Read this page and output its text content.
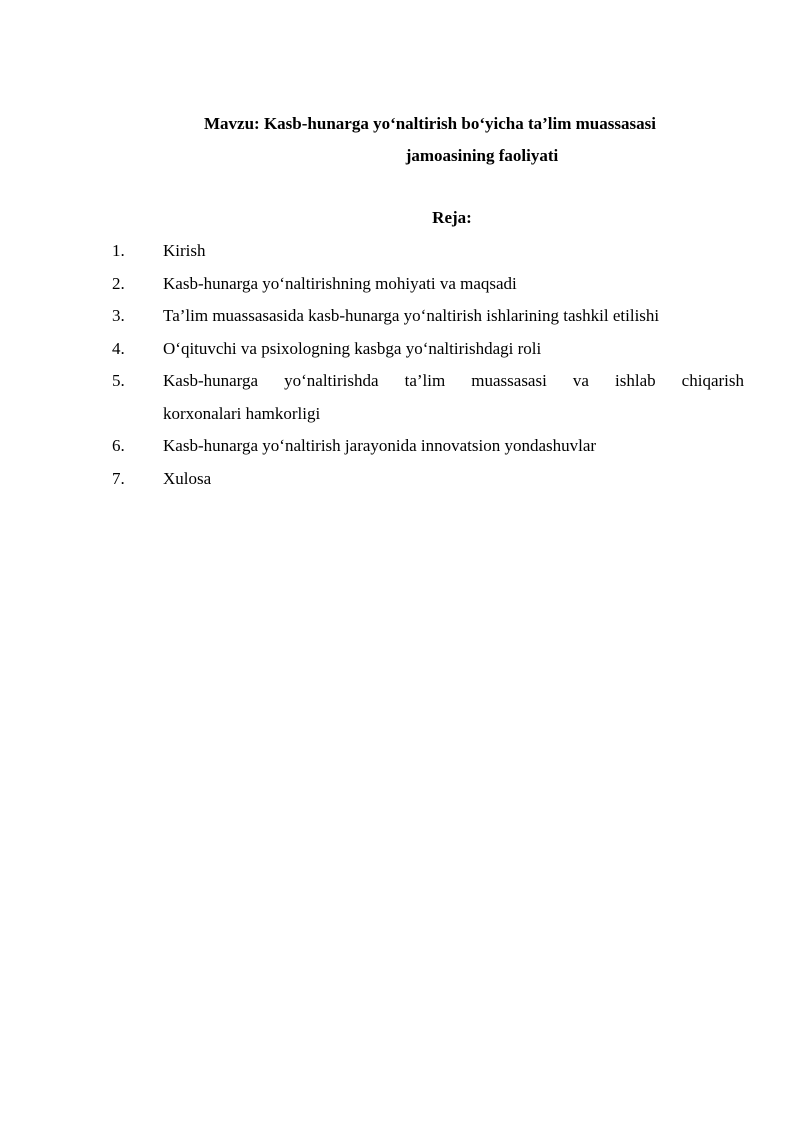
Mavzu: Kasb-hunarga yo‘naltirish bo‘yicha ta’lim muassasasi
jamoasining faoliyati
Reja:
1.	Kirish
2.	Kasb-hunarga yo‘naltirishning mohiyati va maqsadi
3.	Ta’lim muassasasida kasb-hunarga yo‘naltirish ishlarining tashkil etilishi
4.	O‘qituvchi va psixologning kasbga yo‘naltirishdagi roli
5.	Kasb-hunarga yo‘naltirishda ta’lim muassasasi va ishlab chiqarish
korxonalari hamkorligi
6.	Kasb-hunarga yo‘naltirish jarayonida innovatsion yondashuvlar
7.	Xulosa
